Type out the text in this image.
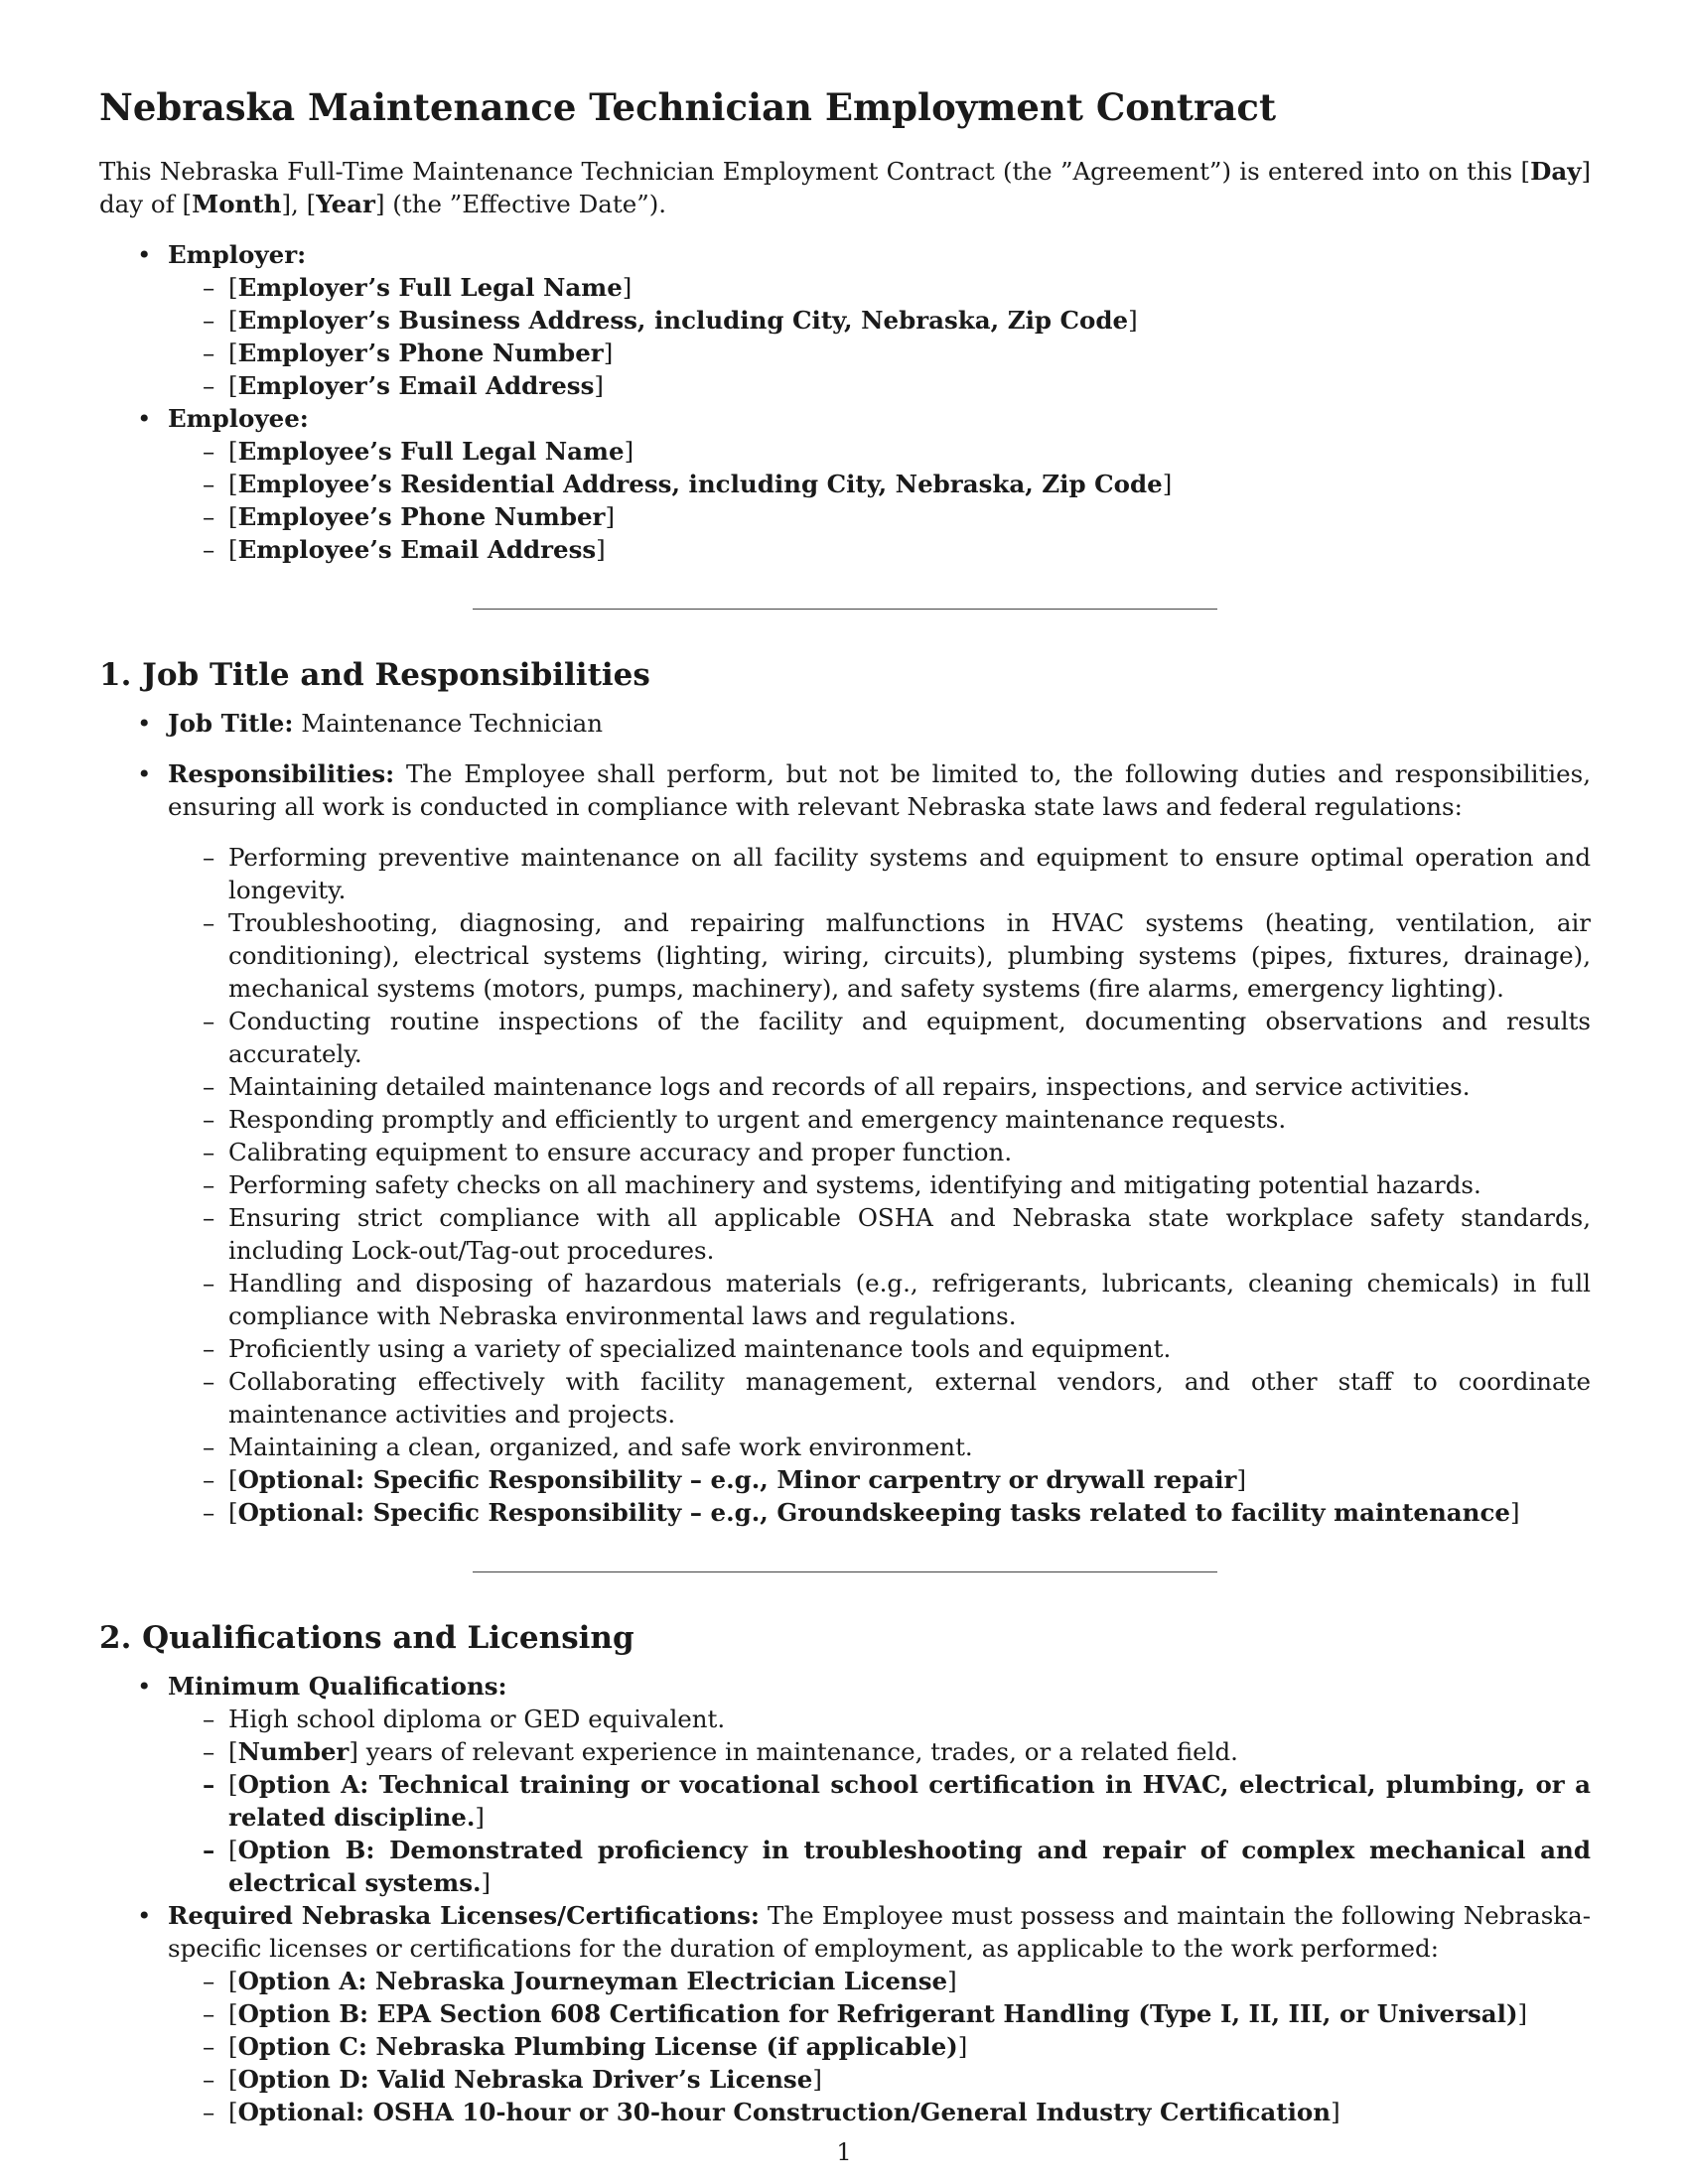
Nebraska Maintenance Technician Employment Contract

This Nebraska Full-Time Maintenance Technician Employment Contract (the ”Agreement”) is entered into on this [Day] day of [Month], [Year] (the ”Effective Date”).

• Employer:
– [Employer’s Full Legal Name]
– [Employer’s Business Address, including City, Nebraska, Zip Code]
– [Employer’s Phone Number]
– [Employer’s Email Address]
• Employee:
– [Employee’s Full Legal Name]
– [Employee’s Residential Address, including City, Nebraska, Zip Code]
– [Employee’s Phone Number]
– [Employee’s Email Address]
1. Job Title and Responsibilities
• Job Title: Maintenance Technician

• Responsibilities: The Employee shall perform, but not be limited to, the following duties and responsibilities, ensuring all work is conducted in compliance with relevant Nebraska state laws and federal regulations:

– Performing preventive maintenance on all facility systems and equipment to ensure optimal operation and longevity.
– Troubleshooting, diagnosing, and repairing malfunctions in HVAC systems (heating, ventilation, air conditioning), electrical systems (lighting, wiring, circuits), plumbing systems (pipes, fixtures, drainage), mechanical systems (motors, pumps, machinery), and safety systems (fire alarms, emergency lighting).
– Conducting routine inspections of the facility and equipment, documenting observations and results accurately.
– Maintaining detailed maintenance logs and records of all repairs, inspections, and service activities.
– Responding promptly and efficiently to urgent and emergency maintenance requests.
– Calibrating equipment to ensure accuracy and proper function.
– Performing safety checks on all machinery and systems, identifying and mitigating potential hazards.
– Ensuring strict compliance with all applicable OSHA and Nebraska state workplace safety standards, including Lock-out/Tag-out procedures.
– Handling and disposing of hazardous materials (e.g., refrigerants, lubricants, cleaning chemicals) in full compliance with Nebraska environmental laws and regulations.
– Proficiently using a variety of specialized maintenance tools and equipment.
– Collaborating effectively with facility management, external vendors, and other staff to coordinate maintenance activities and projects.
– Maintaining a clean, organized, and safe work environment.
– [Optional: Specific Responsibility – e.g., Minor carpentry or drywall repair]
– [Optional: Specific Responsibility – e.g., Groundskeeping tasks related to facility maintenance]
2. Qualifications and Licensing
• Minimum Qualifications:
– High school diploma or GED equivalent.
– [Number] years of relevant experience in maintenance, trades, or a related field.
– [Option A: Technical training or vocational school certification in HVAC, electrical, plumbing, or a related discipline.]
– [Option B: Demonstrated proficiency in troubleshooting and repair of complex mechanical and electrical systems.]

• Required Nebraska Licenses/Certifications: The Employee must possess and maintain the following Nebraska-specific licenses or certifications for the duration of employment, as applicable to the work performed:

– [Option A: Nebraska Journeyman Electrician License]
– [Option B: EPA Section 608 Certification for Refrigerant Handling (Type I, II, III, or Universal)]
– [Option C: Nebraska Plumbing License (if applicable)]
– [Option D: Valid Nebraska Driver’s License]
– [Optional: OSHA 10-hour or 30-hour Construction/General Industry Certification]
1
